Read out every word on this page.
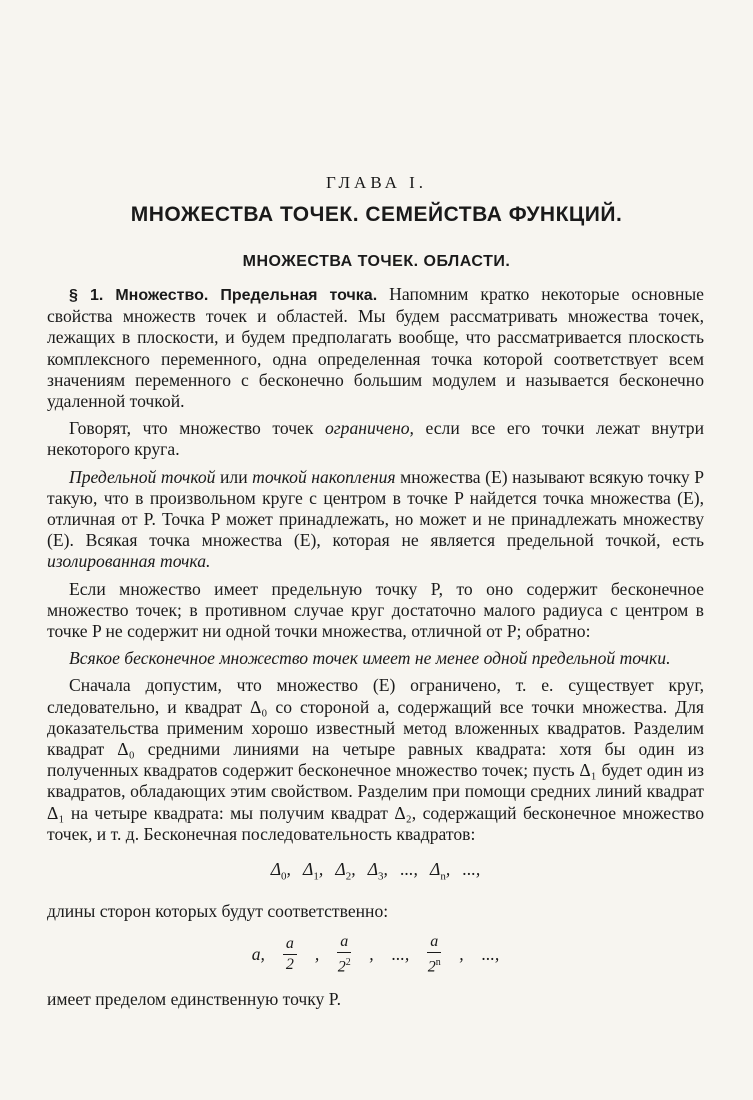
ГЛАВА I.
МНОЖЕСТВА ТОЧЕК. СЕМЕЙСТВА ФУНКЦИЙ.
МНОЖЕСТВА ТОЧЕК. ОБЛАСТИ.

§ 1. Множество. Предельная точка. Напомним кратко некоторые основные свойства множеств точек и областей. Мы будем рассматривать множества точек, лежащих в плоскости, и будем предполагать вообще, что рассматривается плоскость комплексного переменного, одна определенная точка которой соответствует всем значениям переменного с бесконечно большим модулем и называется бесконечно удаленной точкой.

Говорят, что множество точек ограничено, если все его точки лежат внутри некоторого круга.

Предельной точкой или точкой накопления множества (E) называют всякую точку P такую, что в произвольном круге с центром в точке P найдется точка множества (E), отличная от P. Точка P может принадлежать, но может и не принадлежать множеству (E). Всякая точка множества (E), которая не является предельной точкой, есть изолированная точка.

Если множество имеет предельную точку P, то оно содержит бесконечное множество точек; в противном случае круг достаточно малого радиуса с центром в точке P не содержит ни одной точки множества, отличной от P; обратно:

Всякое бесконечное множество точек имеет не менее одной предельной точки.

Сначала допустим, что множество (E) ограничено, т. е. существует круг, следовательно, и квадрат Δ₀ со стороной a, содержащий все точки множества. Для доказательства применим хорошо известный метод вложенных квадратов. Разделим квадрат Δ₀ средними линиями на четыре равных квадрата: хотя бы один из полученных квадратов содержит бесконечное множество точек; пусть Δ₁ будет один из квадратов, обладающих этим свойством. Разделим при помощи средних линий квадрат Δ₁ на четыре квадрата: мы получим квадрат Δ₂, содержащий бесконечное множество точек, и т. д. Бесконечная последовательность квадратов:

$\Delta_0$, $\Delta_1$, $\Delta_2$, $\Delta_3$, ..., $\Delta_n$, ...,

длины сторон которых будут соответственно:

a, $\frac{a}{2}$ , $\frac{a}{2^2}$ , ..., $\frac{a}{2^n}$ , ...,

имеет пределом единственную точку P.
